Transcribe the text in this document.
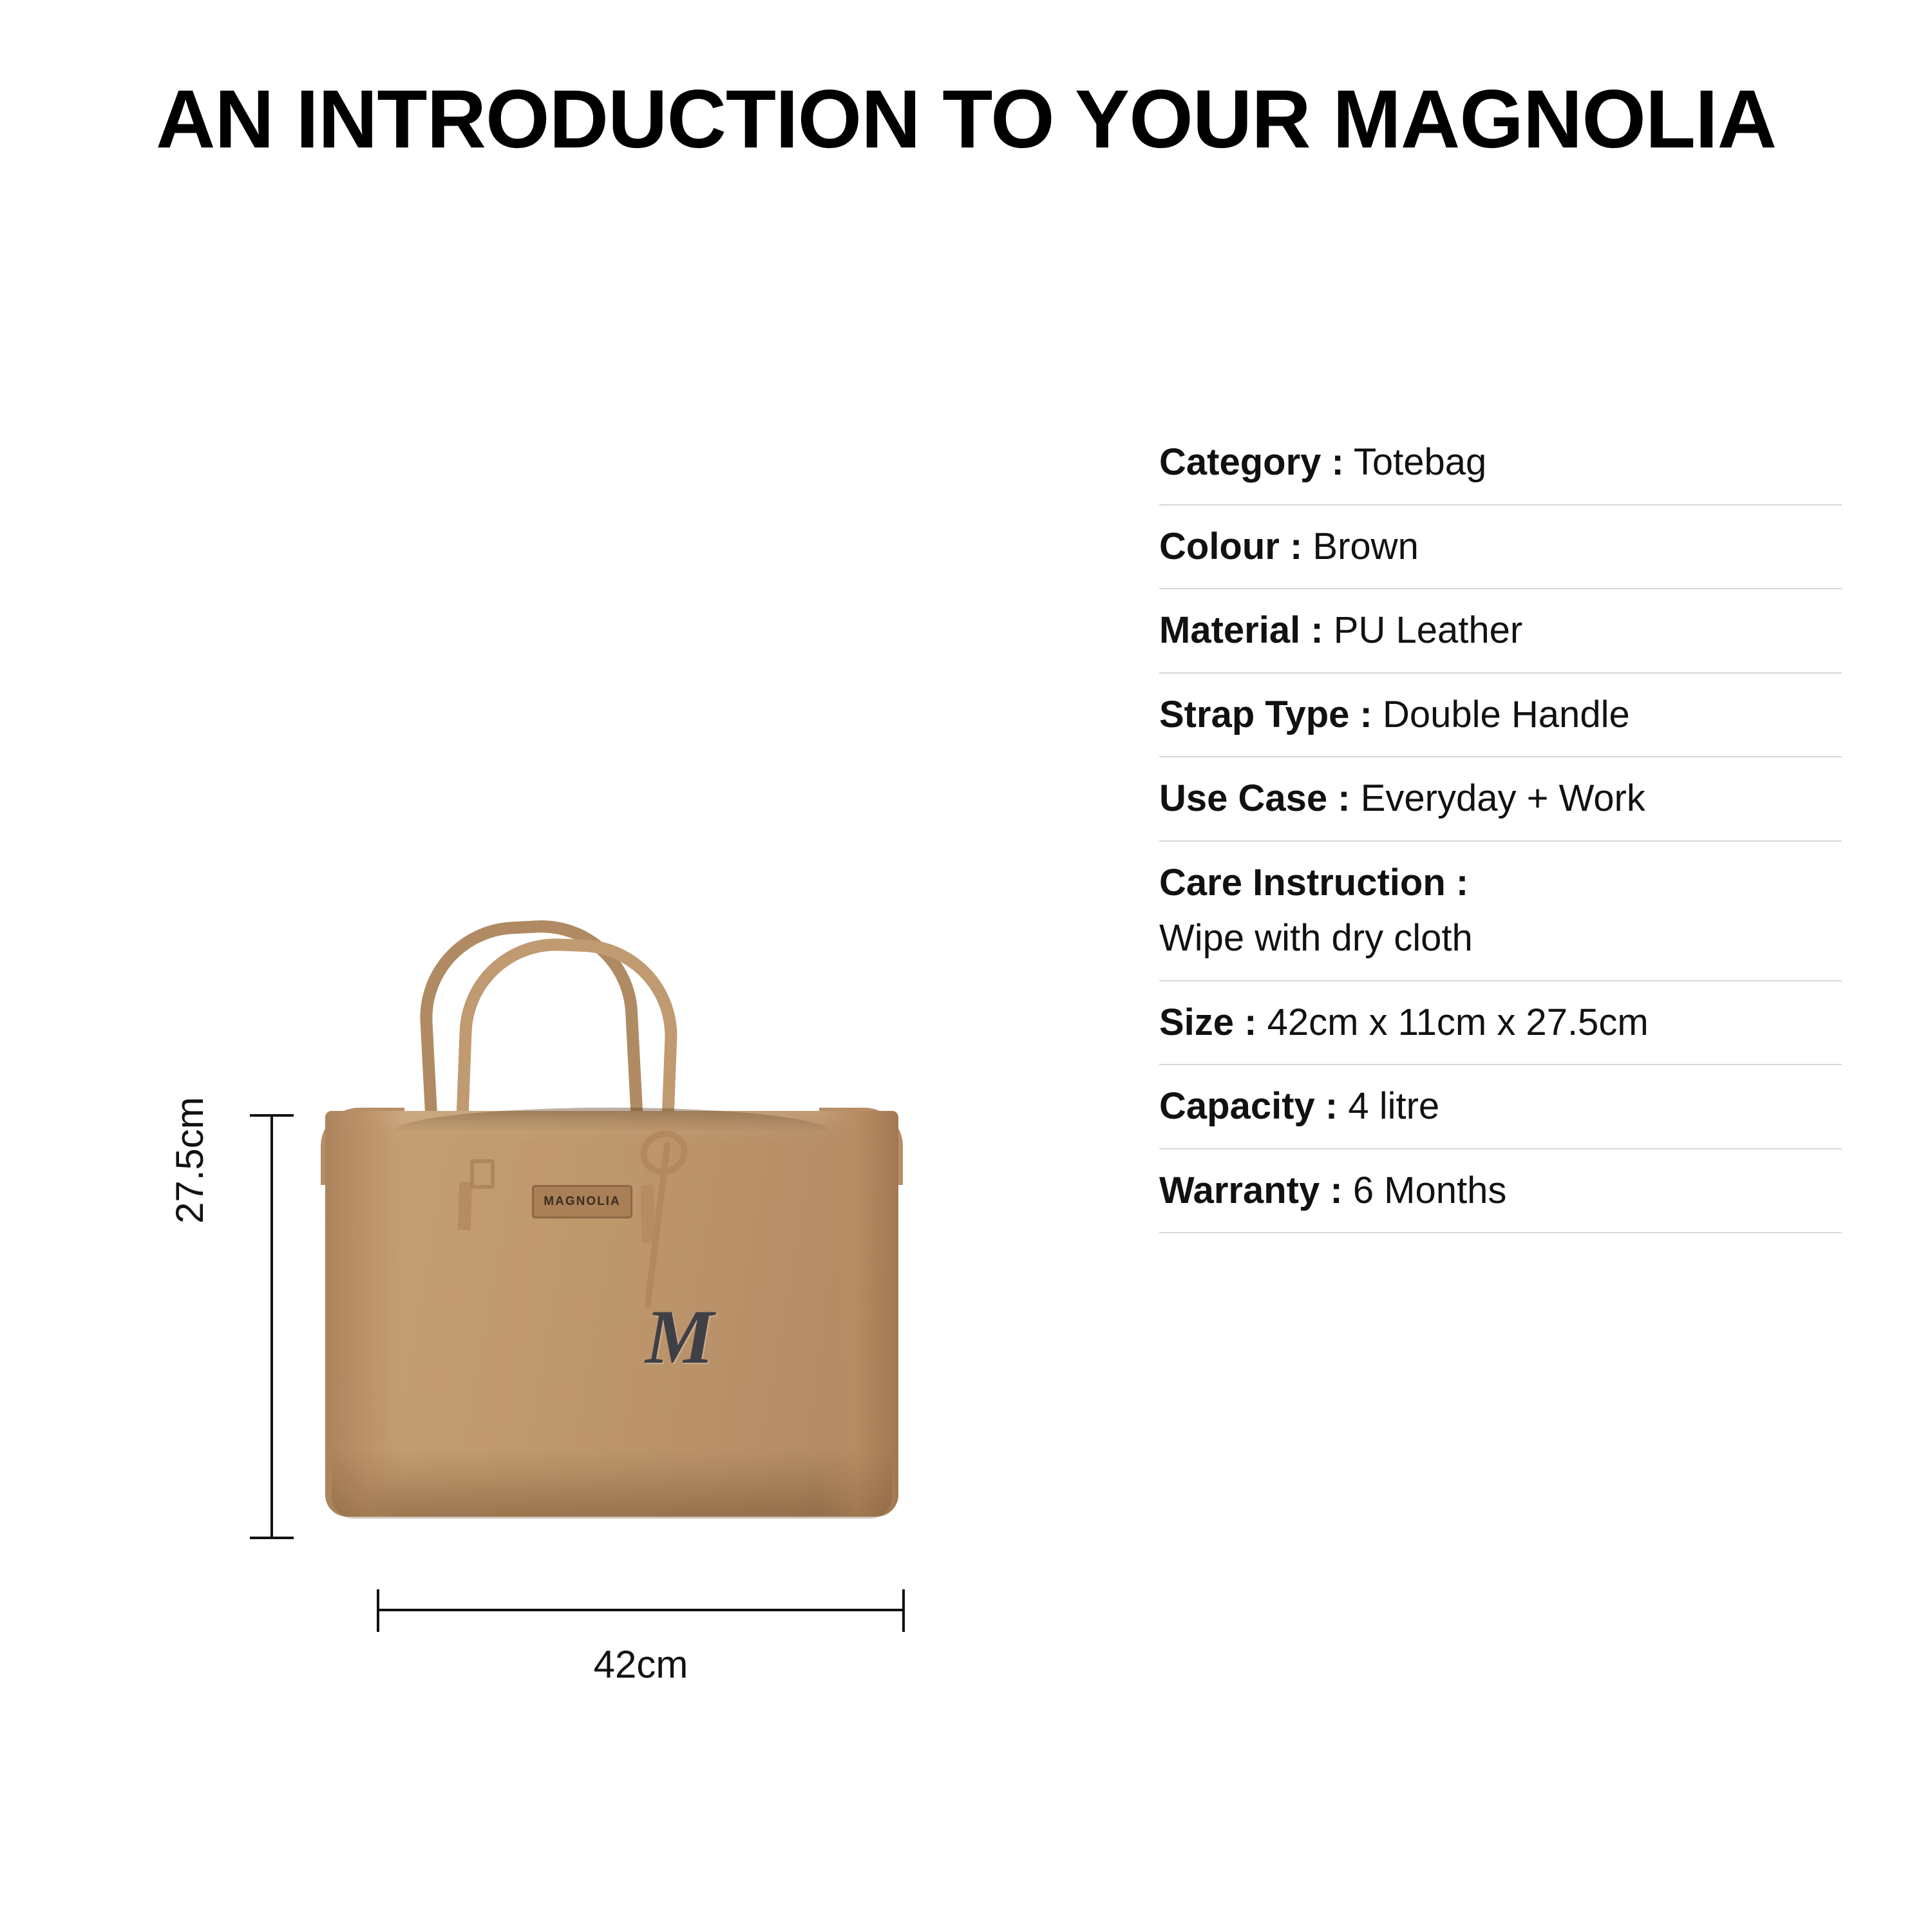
AN INTRODUCTION TO YOUR MAGNOLIA
27.5cm
42cm
MAGNOLIA
M
Category : Totebag
Colour : Brown
Material : PU Leather
Strap Type : Double Handle
Use Case : Everyday + Work
Care Instruction :
Wipe with dry cloth
Size : 42cm x 11cm x 27.5cm
Capacity : 4 litre
Warranty : 6 Months
